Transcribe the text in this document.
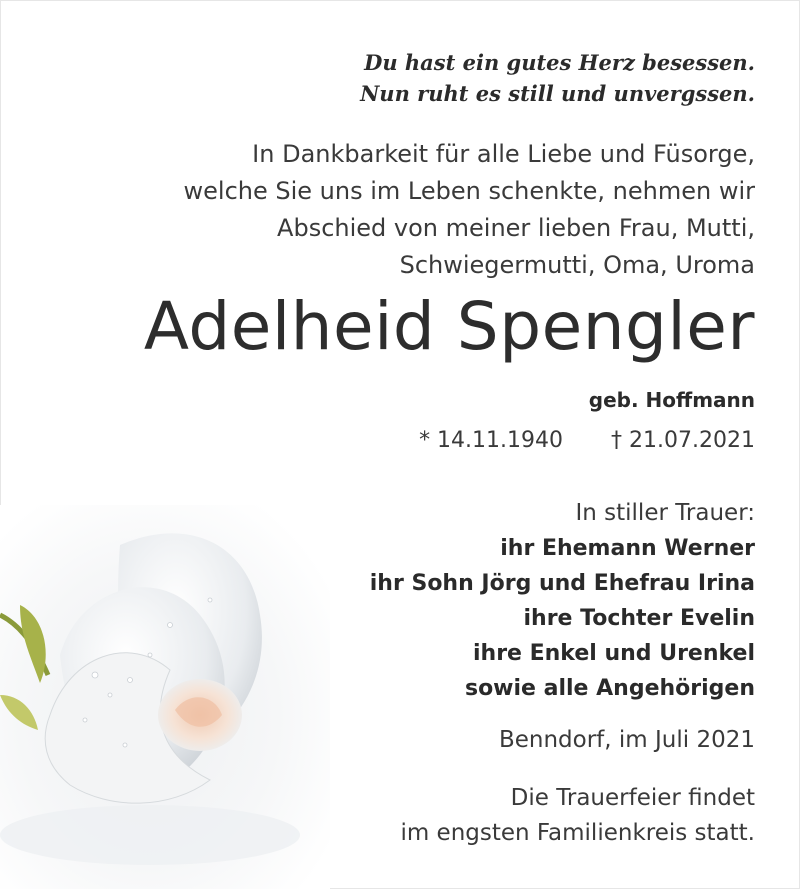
Du hast ein gutes Herz besessen.
Nun ruht es still und unvergssen.
In Dankbarkeit für alle Liebe und Füsorge,
welche Sie uns im Leben schenkte, nehmen wir
Abschied von meiner lieben Frau, Mutti,
Schwiegermutti, Oma, Uroma
Adelheid Spengler
geb. Hoffmann
* 14.11.1940 † 21.07.2021
In stiller Trauer:
ihr Ehemann Werner
ihr Sohn Jörg und Ehefrau Irina
ihre Tochter Evelin
ihre Enkel und Urenkel
sowie alle Angehörigen
Benndorf, im Juli 2021
Die Trauerfeier findet
im engsten Familienkreis statt.
